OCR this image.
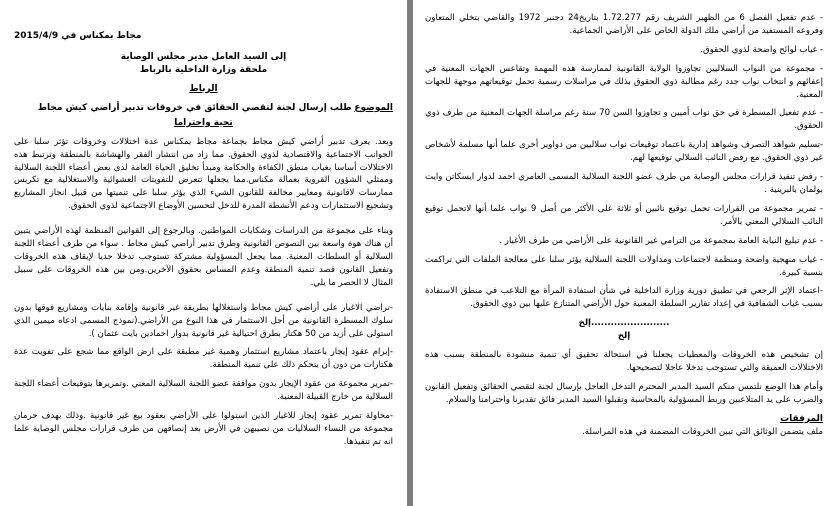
مجاط بمكناس في 2015/4/9

إلى السيد العامل مدير مجلس الوصاية

ملحقة وزارة الداخلية بالرباط

الرباط

الموضوع طلب إرسال لجنة لتقصي الحقائق في خروقات تدبير أراضي كيش مجاط

تحية واحتراما

وبعد. يعرف تدبير أراضي كيش مجاط بجماعة مجاط بمكناس عدة اختلالات وخروقات تؤثر سلبا على الجوانب الاجتماعية والاقتصادية لذوي الحقوق. مما زاد من انتشار الفقر والهشاشة بالمنطقة وترتبط هذه الاختلالات أساسا بغياب منطق الكفاءة والحكامة ومبدأ تخليق الحياة العامة لدى بعض أعضاء اللجنة السلالية وممثلي الشؤون القروية بعمالة مكناس.مما يجعلها تتعرض للتفويتات العشوائية والاستغلالية مع تكريس ممارسات لاقانونية ومعايير مخالفة للقانون الشيء الذي يؤثر سلبا على تنميتها من قبيل انجاز المشاريع وتشجيع الاستثمارات ودعم الأنشطة المدرة للدخل لتحسين الأوضاع الاجتماعية لذوي الحقوق.

وبناء على مجموعة من الدراسات وشكايات المواطنين. وبالرجوع إلى القوانين المنظمة لهذه الأراضي يتبين أن هناك هوة واسعة بين النصوص القانونية وطرق تدبير أراضي كيش مجاط . سواء من طرف أعضاء اللجنة السلالية أو السلطات المعنية. مما يجعل المسؤولية مشتركة تستوجب تدخلا جديا لإيقاف هذه الخروقات وتفعيل القانون قصد تنمية المنطقة وعدم المساس بحقوق الآخرين.ومن بين هذه الخروقات على سبيل المثال لا الحصر ما يلي.

-تراضي الاغيار على أراضي كيش مجاط واستغلالها بطريقة غير قانونية وإقامة بنايات ومشاريع فوقها بدون سلوك المسطرة القانونية من أجل الاستثمار في هذا النوع من الأراضي.(نموذج المسمى ادعاه ميمين الذي استولى على أزيد من 50 هكتار بطرق احتيالية غير قانونية بدوار احمادين بايت عثمان ).

-إبرام عقود إيجار باعتماد مشاريع استثمار وهمية غير مطبقة على ارض الواقع مما شجع على تفويت عدة هكتارات من دون أن يتحكم ذلك على تنمية المنطقة.

-تمرير مجموعة من عقود الإيجار بدون موافقة عضو اللجنة السلالية المعني .وتمريرها بتوقيعات أعضاء اللجنة السلالية من خارج القبيلة المعنية.

-محاولة تمرير عقود إيجار للاغيار الذين استولوا على الأراضي بعقود بيع غير قانونية .وذلك بهدف حرمان مجموعة من النساء السلاليات من نصيبهن في الأرض بعد إنصافهن من طرف قرارات مجلس الوصاية علما انه تم تنفيذها.

- عدم تفعيل الفصل 6 من الظهير الشريف رقم 1.72.277 بتاريخ24 دجنبر 1972 والقاضي بتخلي المتعاون وفروعه المستفيد من أراضي ملك الدولة الخاص على الأراضي الجماعية.

- غياب لوائح واضحة لذوي الحقوق.

- مجموعة من النواب السلاليين تجاوزوا الولاية القانونية لممارسة هذه المهمة وتقاعس الجهات المعنية في إعفائهم و انتخاب نواب جدد رغم مطالبة ذوي الحقوق بذلك في مراسلات رسمية تحمل توقيعاتهم موجهة للجهات المعنية.

- عدم تفعيل المسطرة في حق نواب أميين و تجاوزوا السن 70 سنة رغم مراسلة الجهات المعنية من طرف ذوي الحقوق.

-تسليم شواهد التصرف وشواهد إدارية باعتماد توقيعات نواب سلاليين من دواوير أخرى علما أنها مسلمة لأشخاص غير ذوي الحقوق. مع رفض النائب السلالي توقيعها لهم.

- رفض تنفيذ قرارات مجلس الوصاية من طرف عضو اللجنة السلالية المسمى العامري احمد لدوار ايسكاتن وايت بولمان بالبرينية .

- تمرير مجموعة من القرارات تحمل توقيع نائبين أو ثلاثة على الأكثر من أصل 9 نواب علما أنها لاتحمل توقيع النائب السلالي المعني بالأمر.

- عدم تبليغ النيابة العامة بمجموعة من الترامي غير القانونية على الأراضي من طرف الأغيار .

- غياب منهجية واضحة ومنظمة لاجتماعات ومداولات اللجنة السلالية يؤثر سلبا على معالجة الملفات التي تراكمت بنسبة كبيرة.

-اعتماد الإثر الرجعي في تطبيق دورية وزارة الداخلية في شأن استفادة المرأة مع التلاعب في منطق الاستفادة بسبب غياب الشفافية في إعداد تقارير السلطة المعنية حول الأراضي المتنازع عليها بين ذوي الحقوق.

........................إلخ

إلخ

إن تشخيص هذه الخروقات والمعطيات يجعلنا في استحالة تحقيق أي تنمية منشودة بالمنطقة بسبب هذه الاختلالات العميقة والتي تستوجب تدخلا عاجلا لتصحيحها.

وأمام هذا الوضع نلتمس منكم السيد المدير المحترم التدخل العاجل بإرسال لجنة لتقصي الحقائق وتفعيل القانون والضرب على يد المتلاعبين وربط المسؤولية بالمحاسبة وتقبلوا السيد المدير فائق تقديرنا واحترامنا والسلام.

المرفقات

ملف يتضمن الوثائق التي تبين الخروقات المضمنة في هذه المراسلة.
